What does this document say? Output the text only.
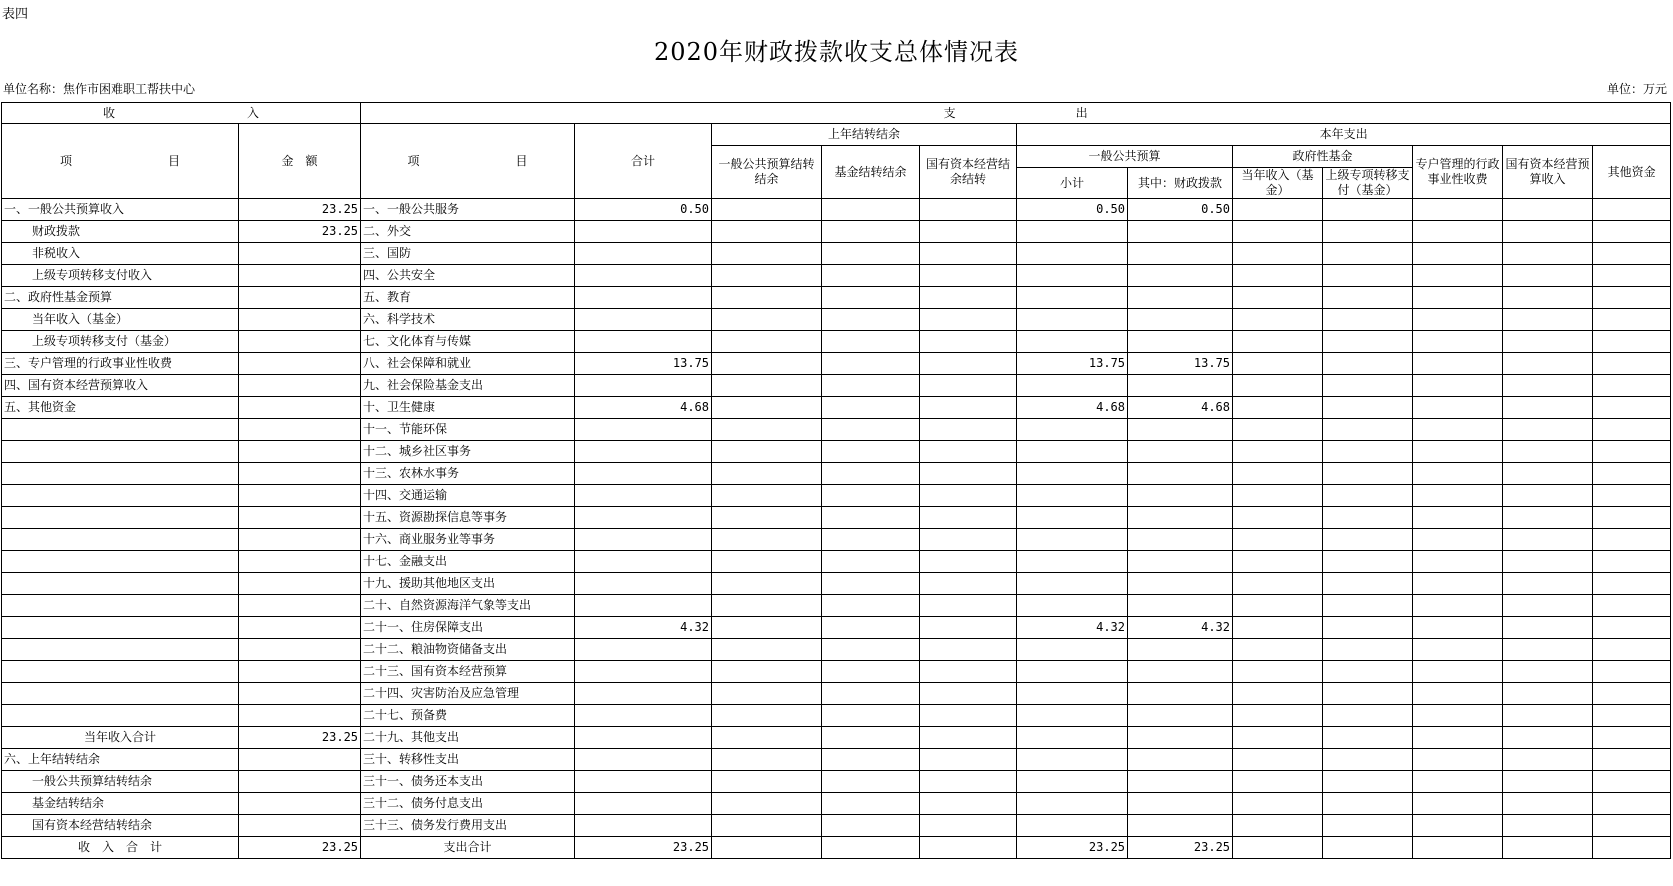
表四
2020年财政拨款收支总体情况表
单位名称：焦作市困难职工帮扶中心	单位：万元
收　　　　　　　　　　　入		支　　　　　　　　　　出											
项　　　　　　　　目	金　额	项　　　　　　　　目	合计	上年结转结余			本年支出						
				一般公共预算结转结余	基金结转结余	国有资本经营结余结转	一般公共预算		政府性基金		专户管理的行政事业性收费	国有资本经营预算收入	其他资金
							小计	其中：财政拨款	当年收入（基金）	上级专项转移支付（基金）			
一、一般公共预算收入	23.25	一、一般公共服务	0.50				0.50	0.50					
财政拨款	23.25	二、外交											
非税收入		三、国防											
上级专项转移支付收入		四、公共安全											
二、政府性基金预算		五、教育											
当年收入（基金）		六、科学技术											
上级专项转移支付（基金）		七、文化体育与传媒											
三、专户管理的行政事业性收费		八、社会保障和就业	13.75				13.75	13.75					
四、国有资本经营预算收入		九、社会保险基金支出											
五、其他资金		十、卫生健康	4.68				4.68	4.68					
		十一、节能环保											
		十二、城乡社区事务											
		十三、农林水事务											
		十四、交通运输											
		十五、资源勘探信息等事务											
		十六、商业服务业等事务											
		十七、金融支出											
		十九、援助其他地区支出											
		二十、自然资源海洋气象等支出											
		二十一、住房保障支出	4.32				4.32	4.32					
		二十二、粮油物资储备支出											
		二十三、国有资本经营预算											
		二十四、灾害防治及应急管理											
		二十七、预备费											
当年收入合计	23.25	二十九、其他支出											
六、上年结转结余		三十、转移性支出											
一般公共预算结转结余		三十一、债务还本支出											
基金结转结余		三十二、债务付息支出											
国有资本经营结转结余		三十三、债务发行费用支出											
收　入　合　计	23.25	支出合计	23.25				23.25	23.25					
